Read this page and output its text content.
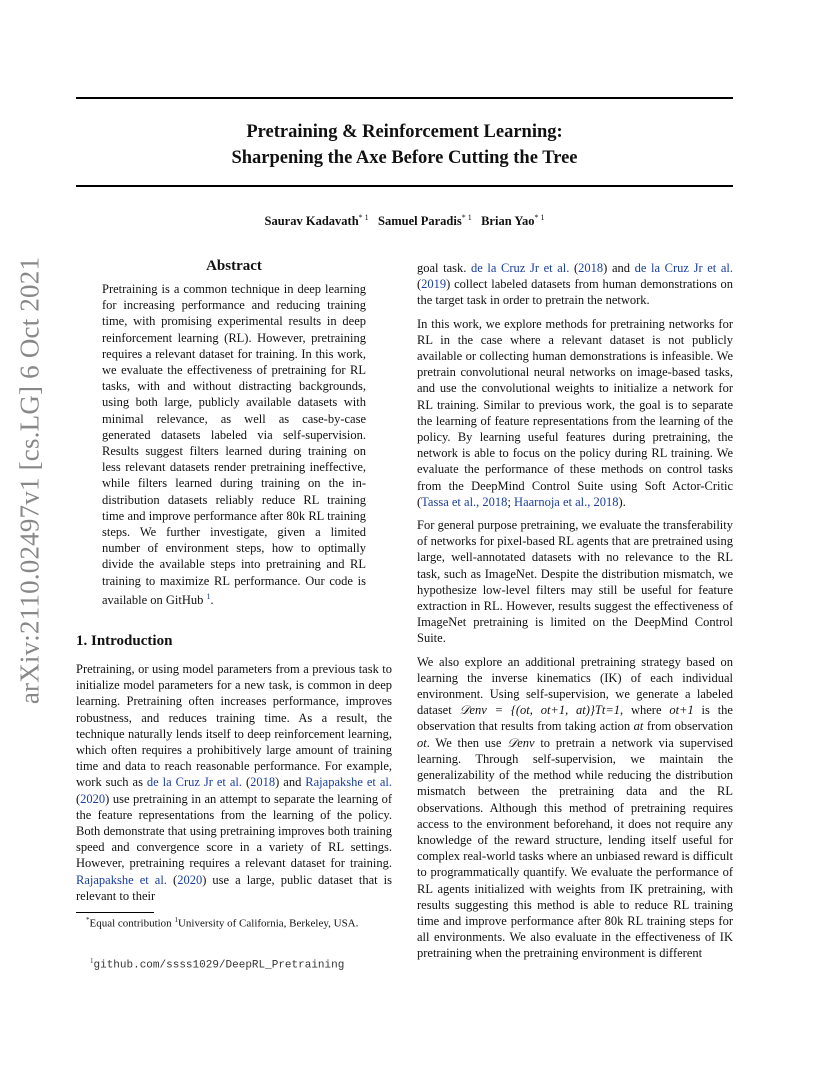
Pretraining & Reinforcement Learning:
Sharpening the Axe Before Cutting the Tree
Saurav Kadavath$^{* 1}$ Samuel Paradis$^{* 1}$ Brian Yao$^{* 1}$
arXiv:2110.02497v1 [cs.LG] 6 Oct 2021	Abstract
Pretraining is a common technique in deep learning for increasing performance and reducing training time, with promising experimental results in deep reinforcement learning (RL). However, pretraining requires a relevant dataset for training. In this work, we evaluate the effectiveness of pretraining for RL tasks, with and without distracting backgrounds, using both large, publicly available datasets with minimal relevance, as well as case-by-case generated datasets labeled via self-supervision. Results suggest filters learned during training on less relevant datasets render pretraining ineffective, while filters learned during training on the in-distribution datasets reliably reduce RL training time and improve performance after 80k RL training steps. We further investigate, given a limited number of environment steps, how to optimally divide the available steps into pretraining and RL training to maximize RL performance. Our code is available on GitHub $^1$.
1. Introduction

Pretraining, or using model parameters from a previous task to initialize model parameters for a new task, is common in deep learning. Pretraining often increases performance, improves robustness, and reduces training time. As a result, the technique naturally lends itself to deep reinforcement learning, which often requires a prohibitively large amount of training time and data to reach reasonable performance. For example, work such as de la Cruz Jr et al. (2018) and Rajapakshe et al. (2020) use pretraining in an attempt to separate the learning of the feature representations from the learning of the policy. Both demonstrate that using pretraining improves both training speed and convergence score in a variety of RL settings. However, pretraining requires a relevant dataset for training. Rajapakshe et al. (2020) use a large, public dataset that is relevant to their

goal task. de la Cruz Jr et al. (2018) and de la Cruz Jr et al. (2019) collect labeled datasets from human demonstrations on the target task in order to pretrain the network.

In this work, we explore methods for pretraining networks for RL in the case where a relevant dataset is not publicly available or collecting human demonstrations is infeasible. We pretrain convolutional neural networks on image-based tasks, and use the convolutional weights to initialize a network for RL training. Similar to previous work, the goal is to separate the learning of feature representations from the learning of the policy. By learning useful features during pretraining, the network is able to focus on the policy during RL training. We evaluate the performance of these methods on control tasks from the DeepMind Control Suite using Soft Actor-Critic (Tassa et al., 2018; Haarnoja et al., 2018).

For general purpose pretraining, we evaluate the transferability of networks for pixel-based RL agents that are pretrained using large, well-annotated datasets with no relevance to the RL task, such as ImageNet. Despite the distribution mismatch, we hypothesize low-level filters may still be useful for feature extraction in RL. However, results suggest the effectiveness of ImageNet pretraining is limited on the DeepMind Control Suite.

We also explore an additional pretraining strategy based on learning the inverse kinematics (IK) of each individual environment. Using self-supervision, we generate a labeled dataset 𝒟env = {(ot, ot+1, at)}Tt=1, where ot+1 is the observation that results from taking action at from observation ot. We then use 𝒟env to pretrain a network via supervised learning. Through self-supervision, we maintain the generalizability of the method while reducing the distribution mismatch between the pretraining data and the RL observations. Although this method of pretraining requires access to the environment beforehand, it does not require any knowledge of the reward structure, lending itself useful for complex real-world tasks where an unbiased reward is difficult to programmatically quantify. We evaluate the performance of RL agents initialized with weights from IK pretraining, with results suggesting this method is able to reduce RL training time and improve performance after 80k RL training steps for all environments. We also evaluate in the effectiveness of IK pretraining when the pretraining environment is different

*Equal contribution $^1$University of California, Berkeley, USA.
$^1$github.com/ssss1029/DeepRL_Pretraining
